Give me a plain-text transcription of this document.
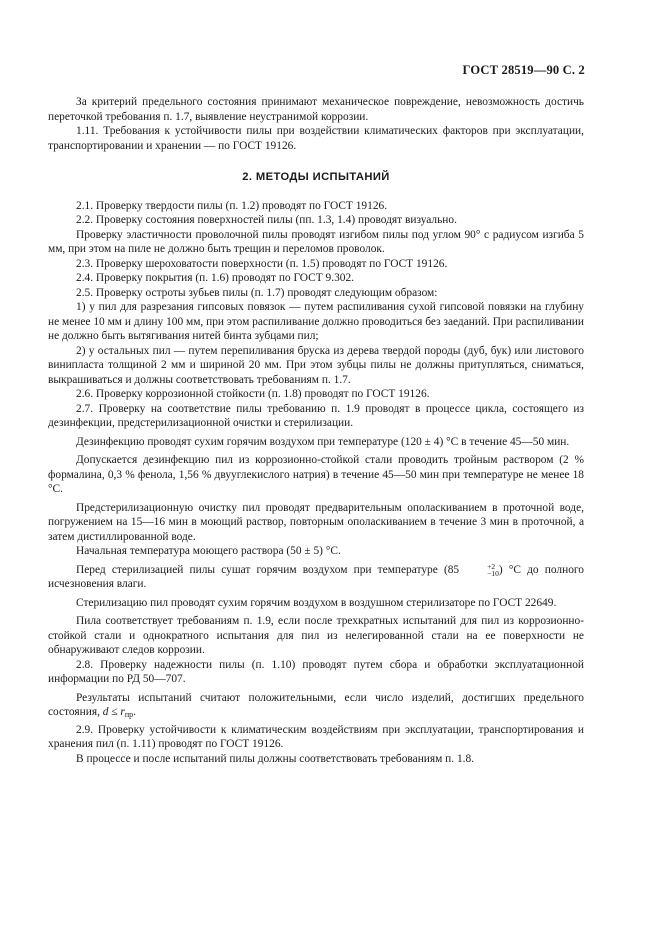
ГОСТ 28519—90 С. 2

За критерий предельного состояния принимают механическое повреждение, невозможность достичь переточкой требования п. 1.7, выявление неустранимой коррозии.

1.11. Требования к устойчивости пилы при воздействии климатических факторов при эксплуатации, транспортировании и хранении — по ГОСТ 19126.

2. МЕТОДЫ ИСПЫТАНИЙ

2.1. Проверку твердости пилы (п. 1.2) проводят по ГОСТ 19126.

2.2. Проверку состояния поверхностей пилы (пп. 1.3, 1.4) проводят визуально.

Проверку эластичности проволочной пилы проводят изгибом пилы под углом 90° с радиусом изгиба 5 мм, при этом на пиле не должно быть трещин и переломов проволок.

2.3. Проверку шероховатости поверхности (п. 1.5) проводят по ГОСТ 19126.

2.4. Проверку покрытия (п. 1.6) проводят по ГОСТ 9.302.

2.5. Проверку остроты зубьев пилы (п. 1.7) проводят следующим образом:

1) у пил для разрезания гипсовых повязок — путем распиливания сухой гипсовой повязки на глубину не менее 10 мм и длину 100 мм, при этом распиливание должно проводиться без заеданий. При распиливании не должно быть вытягивания нитей бинта зубцами пил;

2) у остальных пил — путем перепиливания бруска из дерева твердой породы (дуб, бук) или листового винипласта толщиной 2 мм и шириной 20 мм. При этом зубцы пилы не должны притупляться, сниматься, выкрашиваться и должны соответствовать требованиям п. 1.7.

2.6. Проверку коррозионной стойкости (п. 1.8) проводят по ГОСТ 19126.

2.7. Проверку на соответствие пилы требованию п. 1.9 проводят в процессе цикла, состоящего из дезинфекции, предстерилизационной очистки и стерилизации.

Дезинфекцию проводят сухим горячим воздухом при температуре (120 ± 4) °С в течение 45—50 мин.

Допускается дезинфекцию пил из коррозионно-стойкой стали проводить тройным раствором (2 % формалина, 0,3 % фенола, 1,56 % двууглекислого натрия) в течение 45—50 мин при температуре не менее 18 °С.

Предстерилизационную очистку пил проводят предварительным ополаскиванием в проточной воде, погружением на 15—16 мин в моющий раствор, повторным ополаскиванием в течение 3 мин в проточной, а затем дистиллированной воде.

Начальная температура моющего раствора (50 ± 5) °С.

Перед стерилизацией пилы сушат горячим воздухом при температуре (85	+2
−10 ) °С до полного исчезновения влаги.

Стерилизацию пил проводят сухим горячим воздухом в воздушном стерилизаторе по ГОСТ 22649.

Пила соответствует требованиям п. 1.9, если после трехкратных испытаний для пил из коррозионно-стойкой стали и однократного испытания для пил из нелегированной стали на ее поверхности не обнаруживают следов коррозии.

2.8. Проверку надежности пилы (п. 1.10) проводят путем сбора и обработки эксплуатационной информации по РД 50—707.

Результаты испытаний считают положительными, если число изделий, достигших предельного состояния, $d \le r_{пр}$.

2.9. Проверку устойчивости к климатическим воздействиям при эксплуатации, транспортирования и хранения пил (п. 1.11) проводят по ГОСТ 19126.

В процессе и после испытаний пилы должны соответствовать требованиям п. 1.8.
